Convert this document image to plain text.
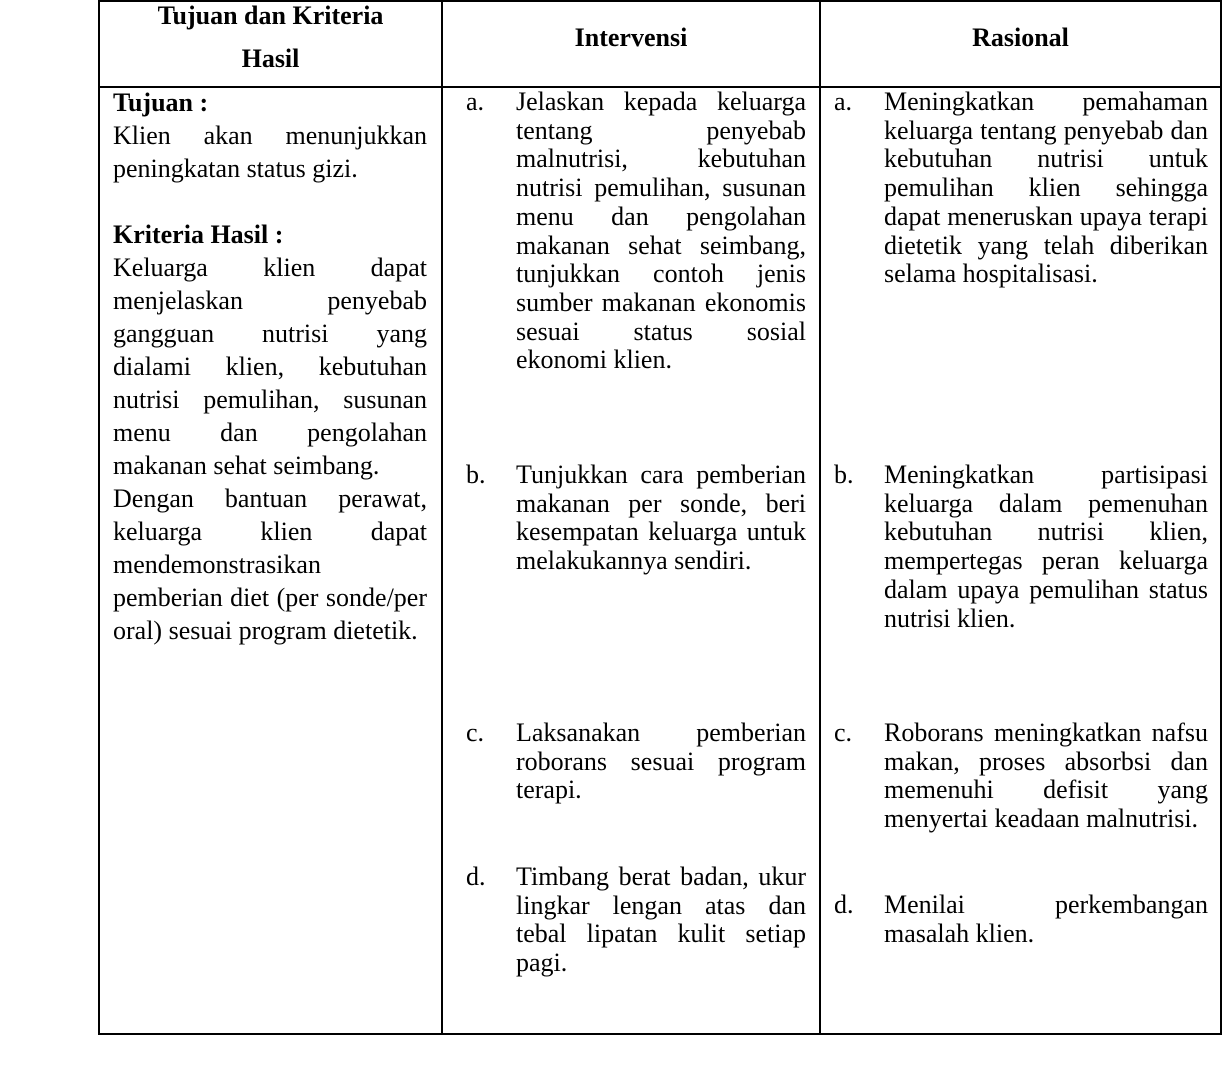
Tujuan dan Kriteria
Hasil
Intervensi	Rasional

Tujuan :

Klien akan menunjukkan peningkatan status gizi.

Kriteria Hasil :

Keluarga klien dapat menjelaskan penyebab gangguan nutrisi yang dialami klien, kebutuhan nutrisi pemulihan, susunan menu dan pengolahan makanan sehat seimbang.

Dengan bantuan perawat, keluarga klien dapat mendemonstrasikan pemberian diet (per sonde/per oral) sesuai program dietetik.

a. Jelaskan kepada keluarga tentang penyebab malnutrisi, kebutuhan nutrisi pemulihan, susunan menu dan pengolahan makanan sehat seimbang, tunjukkan contoh jenis sumber makanan ekonomis sesuai status sosial ekonomi klien.
b. Tunjukkan cara pemberian makanan per sonde, beri kesempatan keluarga untuk melakukannya sendiri.
c. Laksanakan pemberian roborans sesuai program terapi.
d. Timbang berat badan, ukur lingkar lengan atas dan tebal lipatan kulit setiap pagi.
a. Meningkatkan pemahaman keluarga tentang penyebab dan kebutuhan nutrisi untuk pemulihan klien sehingga dapat meneruskan upaya terapi dietetik yang telah diberikan selama hospitalisasi.
b. Meningkatkan partisipasi keluarga dalam pemenuhan kebutuhan nutrisi klien, mempertegas peran keluarga dalam upaya pemulihan status nutrisi klien.
c. Roborans meningkatkan nafsu makan, proses absorbsi dan memenuhi defisit yang menyertai keadaan malnutrisi.
d. Menilai perkembangan masalah klien.
